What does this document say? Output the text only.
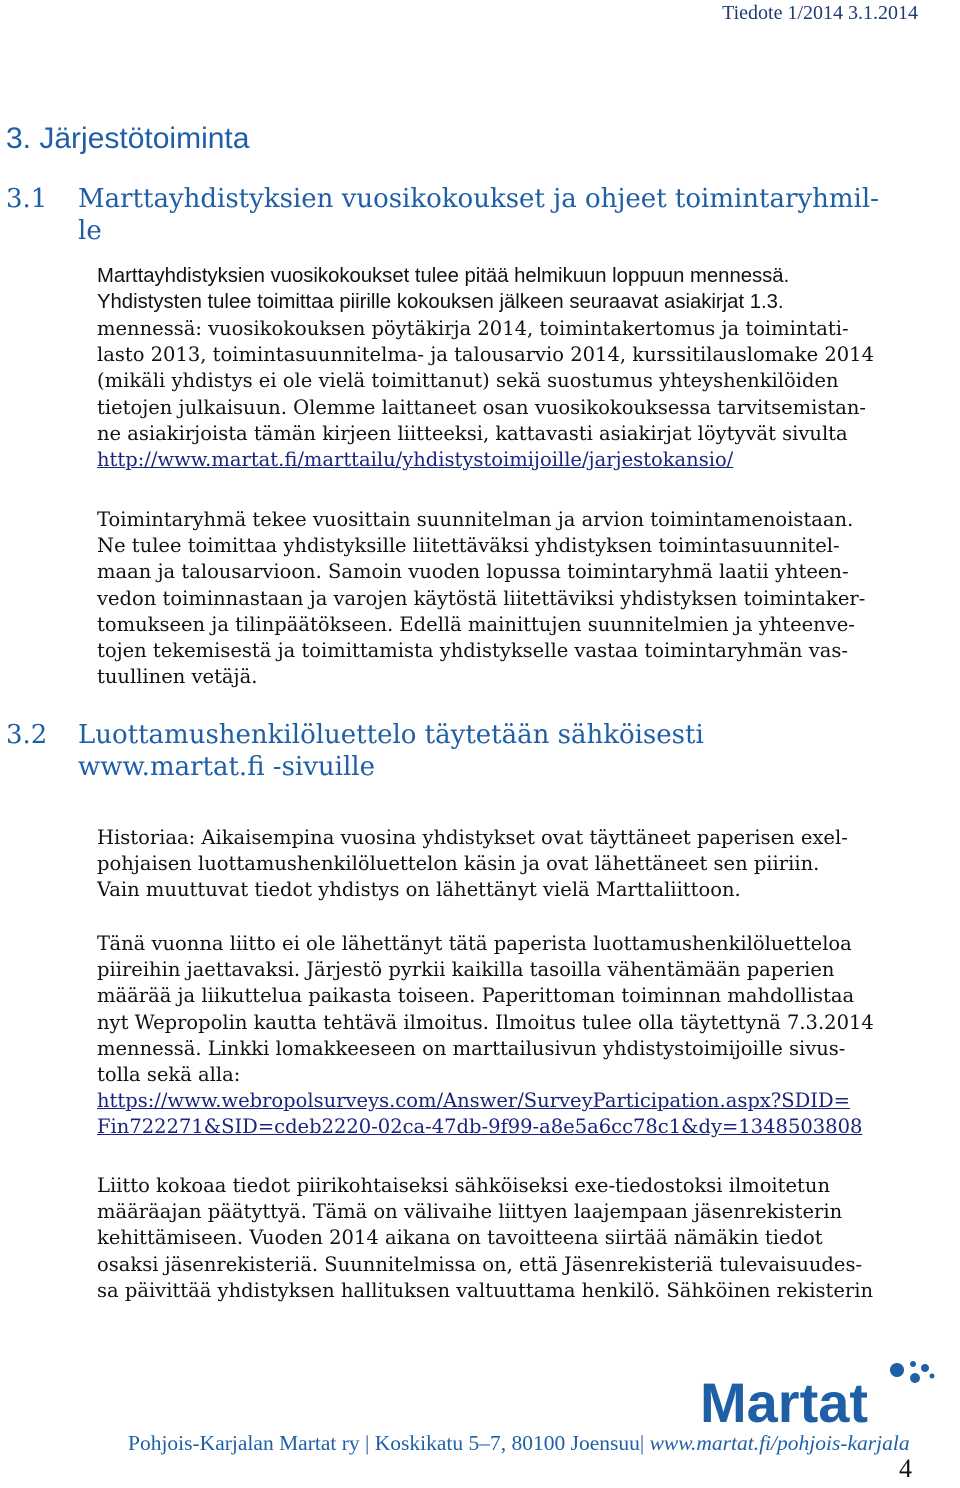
Tiedote 1/2014 3.1.2014
3. Järjestötoiminta
3.1 Marttayhdistyksien vuosikokoukset ja ohjeet toimintaryhmil-
le
Marttayhdistyksien vuosikokoukset tulee pitää helmikuun loppuun mennessä.
Yhdistysten tulee toimittaa piirille kokouksen jälkeen seuraavat asiakirjat 1.3.
mennessä: vuosikokouksen pöytäkirja 2014, toimintakertomus ja toimintati-
lasto 2013, toimintasuunnitelma- ja talousarvio 2014, kurssitilauslomake 2014
(mikäli yhdistys ei ole vielä toimittanut) sekä suostumus yhteyshenkilöiden
tietojen julkaisuun. Olemme laittaneet osan vuosikokouksessa tarvitsemistan-
ne asiakirjoista tämän kirjeen liitteeksi, kattavasti asiakirjat löytyvät sivulta
http://www.martat.fi/marttailu/yhdistystoimijoille/jarjestokansio/
Toimintaryhmä tekee vuosittain suunnitelman ja arvion toimintamenoistaan.
Ne tulee toimittaa yhdistyksille liitettäväksi yhdistyksen toimintasuunnitel-
maan ja talousarvioon. Samoin vuoden lopussa toimintaryhmä laatii yhteen-
vedon toiminnastaan ja varojen käytöstä liitettäviksi yhdistyksen toimintaker-
tomukseen ja tilinpäätökseen. Edellä mainittujen suunnitelmien ja yhteenve-
tojen tekemisestä ja toimittamista yhdistykselle vastaa toimintaryhmän vas-
tuullinen vetäjä.
3.2 Luottamushenkilöluettelo täytetään sähköisesti
www.martat.fi -sivuille
Historiaa: Aikaisempina vuosina yhdistykset ovat täyttäneet paperisen exel-
pohjaisen luottamushenkilöluettelon käsin ja ovat lähettäneet sen piiriin.
Vain muuttuvat tiedot yhdistys on lähettänyt vielä Marttaliittoon.
Tänä vuonna liitto ei ole lähettänyt tätä paperista luottamushenkilöluetteloa
piireihin jaettavaksi. Järjestö pyrkii kaikilla tasoilla vähentämään paperien
määrää ja liikuttelua paikasta toiseen. Paperittoman toiminnan mahdollistaa
nyt Wepropolin kautta tehtävä ilmoitus. Ilmoitus tulee olla täytettynä 7.3.2014
mennessä. Linkki lomakkeeseen on marttailusivun yhdistystoimijoille sivus-
tolla sekä alla:
https://www.webropolsurveys.com/Answer/SurveyParticipation.aspx?SDID=
Fin722271&SID=cdeb2220-02ca-47db-9f99-a8e5a6cc78c1&dy=1348503808
Liitto kokoaa tiedot piirikohtaiseksi sähköiseksi exe-tiedostoksi ilmoitetun
määräajan päätyttyä. Tämä on välivaihe liittyen laajempaan jäsenrekisterin
kehittämiseen. Vuoden 2014 aikana on tavoitteena siirtää nämäkin tiedot
osaksi jäsenrekisteriä. Suunnitelmissa on, että Jäsenrekisteriä tulevaisuudes-
sa päivittää yhdistyksen hallituksen valtuuttama henkilö. Sähköinen rekisterin
Martat
Pohjois-Karjalan Martat ry | Koskikatu 5–7, 80100 Joensuu| www.martat.fi/pohjois-karjala
4
